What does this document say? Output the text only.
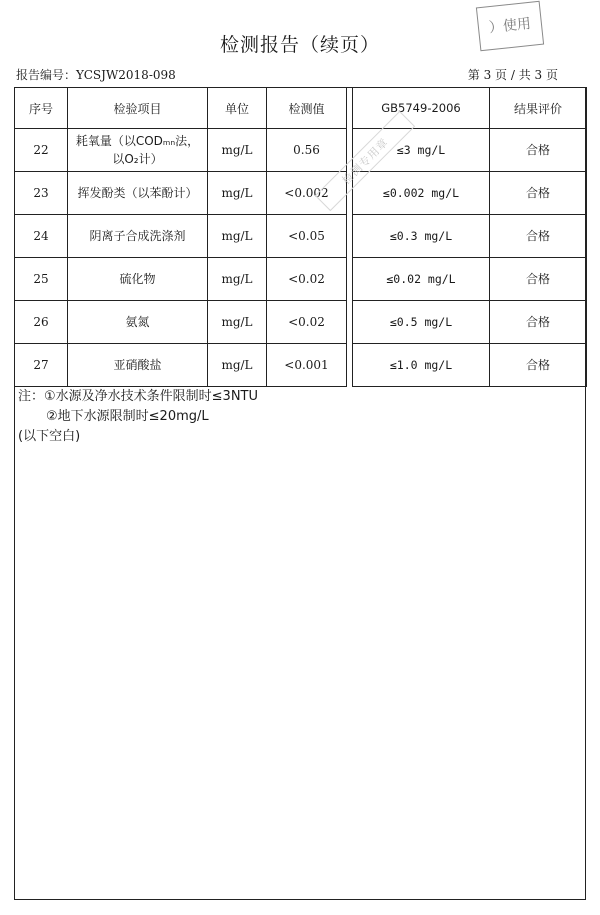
检测报告（续页）
）使用
报告编号：YCSJW2018-098	第 3 页 / 共 3 页
序号	检验项目	单位	检测值		GB5749-2006	结果评价
22	耗氧量（以CODₘₙ法，
以O₂计）	mg/L	0.56		≤3 mg/L	合格
23	挥发酚类（以苯酚计）	mg/L	<0.002		≤0.002 mg/L	合格
24	阴离子合成洗涤剂	mg/L	<0.05		≤0.3 mg/L	合格
25	硫化物	mg/L	<0.02		≤0.02 mg/L	合格
26	氨氮	mg/L	<0.02		≤0.5 mg/L	合格
27	亚硝酸盐	mg/L	<0.001		≤1.0 mg/L	合格
检测专用章
注：①水源及净水技术条件限制时≤3NTU
②地下水源限制时≤20mg/L
(以下空白)
